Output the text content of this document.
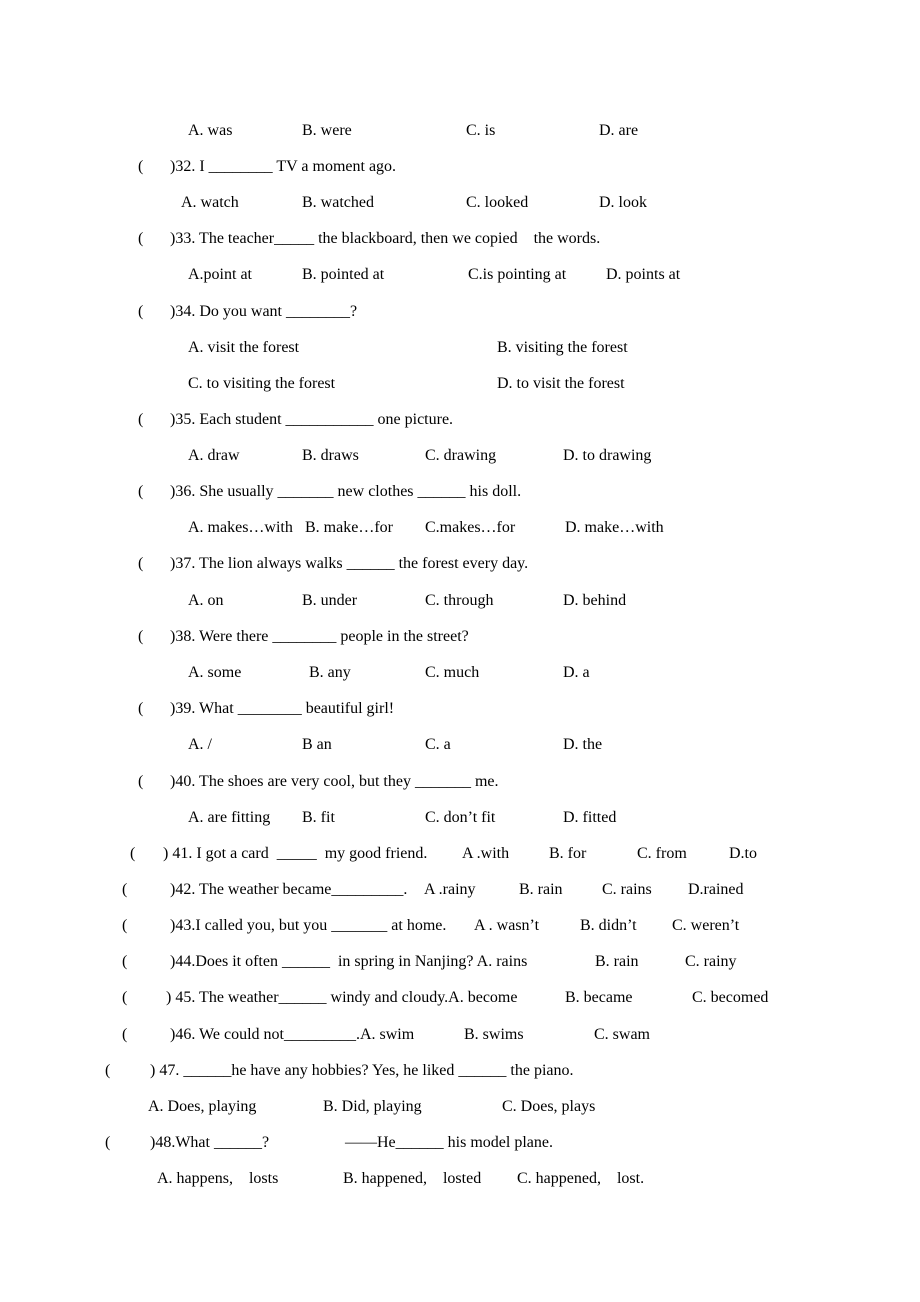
A. was	B. were	C. is	D. are
( )32. I ________ TV a moment ago.
A. watch	B. watched	C. looked	D. look
( )33. The teacher_____ the blackboard, then we copied    the words.
A.point at	B. pointed at	C.is pointing at D. points at
( )34. Do you want ________?
A. visit the forest	B. visiting the forest
C. to visiting the forest	D. to visit the forest
( )35. Each student ___________ one picture.
A. draw	B. draws	C. drawing	D. to drawing
( )36. She usually _______ new clothes ______ his doll.
A. makes…with B. make…for C.makes…for	D. make…with
( )37. The lion always walks ______ the forest every day.
A. on	B. under	C. through	D. behind
( )38. Were there ________ people in the street?
A. some	B. any	C. much	D. a
( )39. What ________ beautiful girl!
A. /	B an	C. a	D. the
( )40. The shoes are very cool, but they _______ me.
A. are fitting B. fit	C. don’t fit	D. fitted
( ) 41. I got a card  _____  my good friend. A .with B. for	C. from	D.to
(	)42. The weather became_________. A .rainy	B. rain C. rains D.rained
(	)43.I called you, but you _______ at home. A . wasn’t	B. didn’t C. weren’t
(	)44.Does it often ______  in spring in Nanjing? A. rains	B. rain	C. rainy
( ) 45. The weather______ windy and cloudy.A. become	B. became	C. becomed
(	)46. We could not_________.A. swim	B. swims	C. swam
( ) 47. ______he have any hobbies? Yes, he liked ______ the piano.
A. Does, playing	B. Did, playing	C. Does, plays
( )48.What ______?	——He______ his model plane.
A. happens,    losts	B. happened,    losted C. happened,    lost.
